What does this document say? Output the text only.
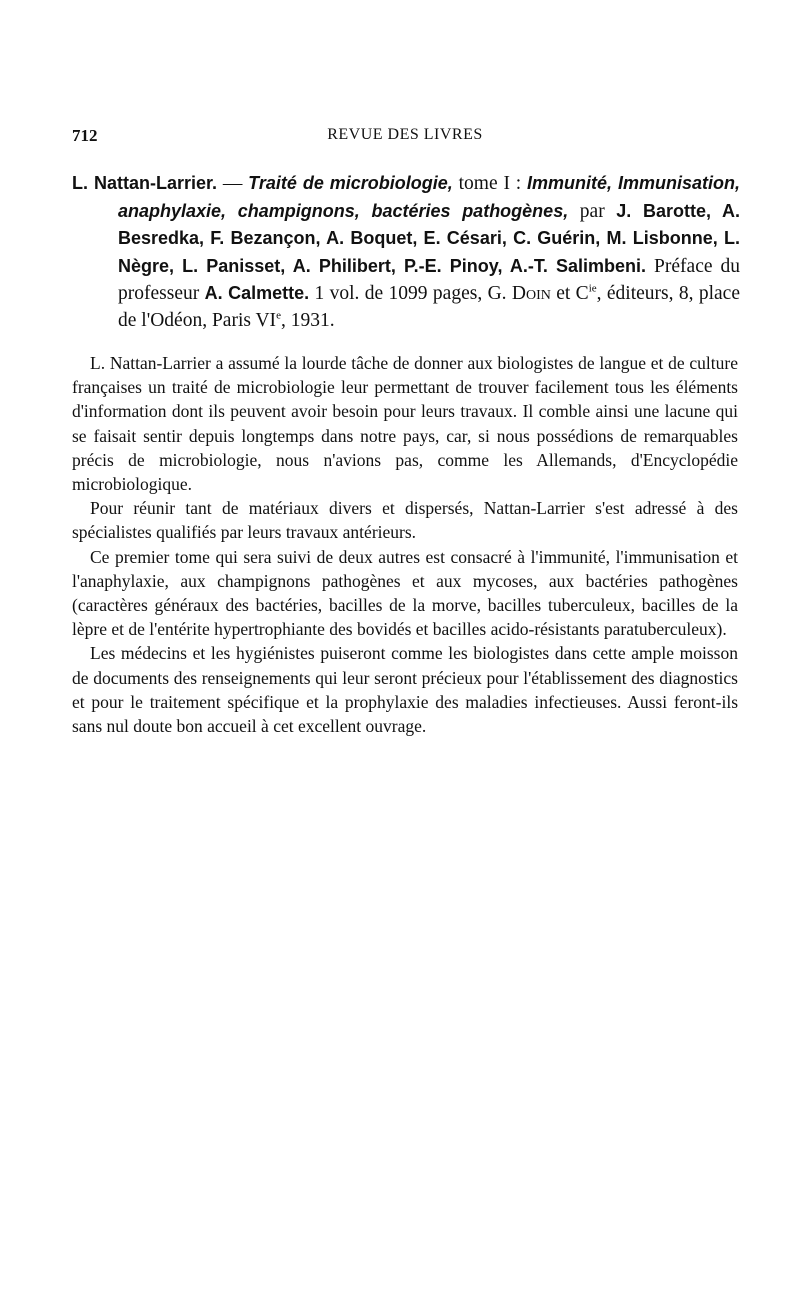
712	REVUE DES LIVRES
L. Nattan-Larrier. — Traité de microbiologie, tome I : Immunité, Immunisation, anaphylaxie, champignons, bactéries pathogènes, par J. Barotte, A. Besredka, F. Bezançon, A. Boquet, E. Césari, C. Guérin, M. Lisbonne, L. Nègre, L. Panisset, A. Philibert, P.-E. Pinoy, A.-T. Salimbeni. Préface du professeur A. Calmette. 1 vol. de 1099 pages, G. Doin et $C^{ie}$, éditeurs, 8, place de l'Odéon, Paris VIe, 1931.

L. Nattan-Larrier a assumé la lourde tâche de donner aux biologistes de langue et de culture françaises un traité de microbiologie leur permettant de trouver facilement tous les éléments d'information dont ils peuvent avoir besoin pour leurs travaux. Il comble ainsi une lacune qui se faisait sentir depuis longtemps dans notre pays, car, si nous possédions de remarquables précis de microbiologie, nous n'avions pas, comme les Allemands, d'Encyclopédie microbiologique.

Pour réunir tant de matériaux divers et dispersés, Nattan-Larrier s'est adressé à des spécialistes qualifiés par leurs travaux antérieurs.

Ce premier tome qui sera suivi de deux autres est consacré à l'immunité, l'immunisation et l'anaphylaxie, aux champignons pathogènes et aux mycoses, aux bactéries pathogènes (caractères généraux des bactéries, bacilles de la morve, bacilles tuberculeux, bacilles de la lèpre et de l'entérite hypertrophiante des bovidés et bacilles acido-résistants paratuberculeux).

Les médecins et les hygiénistes puiseront comme les biologistes dans cette ample moisson de documents des renseignements qui leur seront précieux pour l'établissement des diagnostics et pour le traitement spécifique et la prophylaxie des maladies infectieuses. Aussi feront-ils sans nul doute bon accueil à cet excellent ouvrage.
